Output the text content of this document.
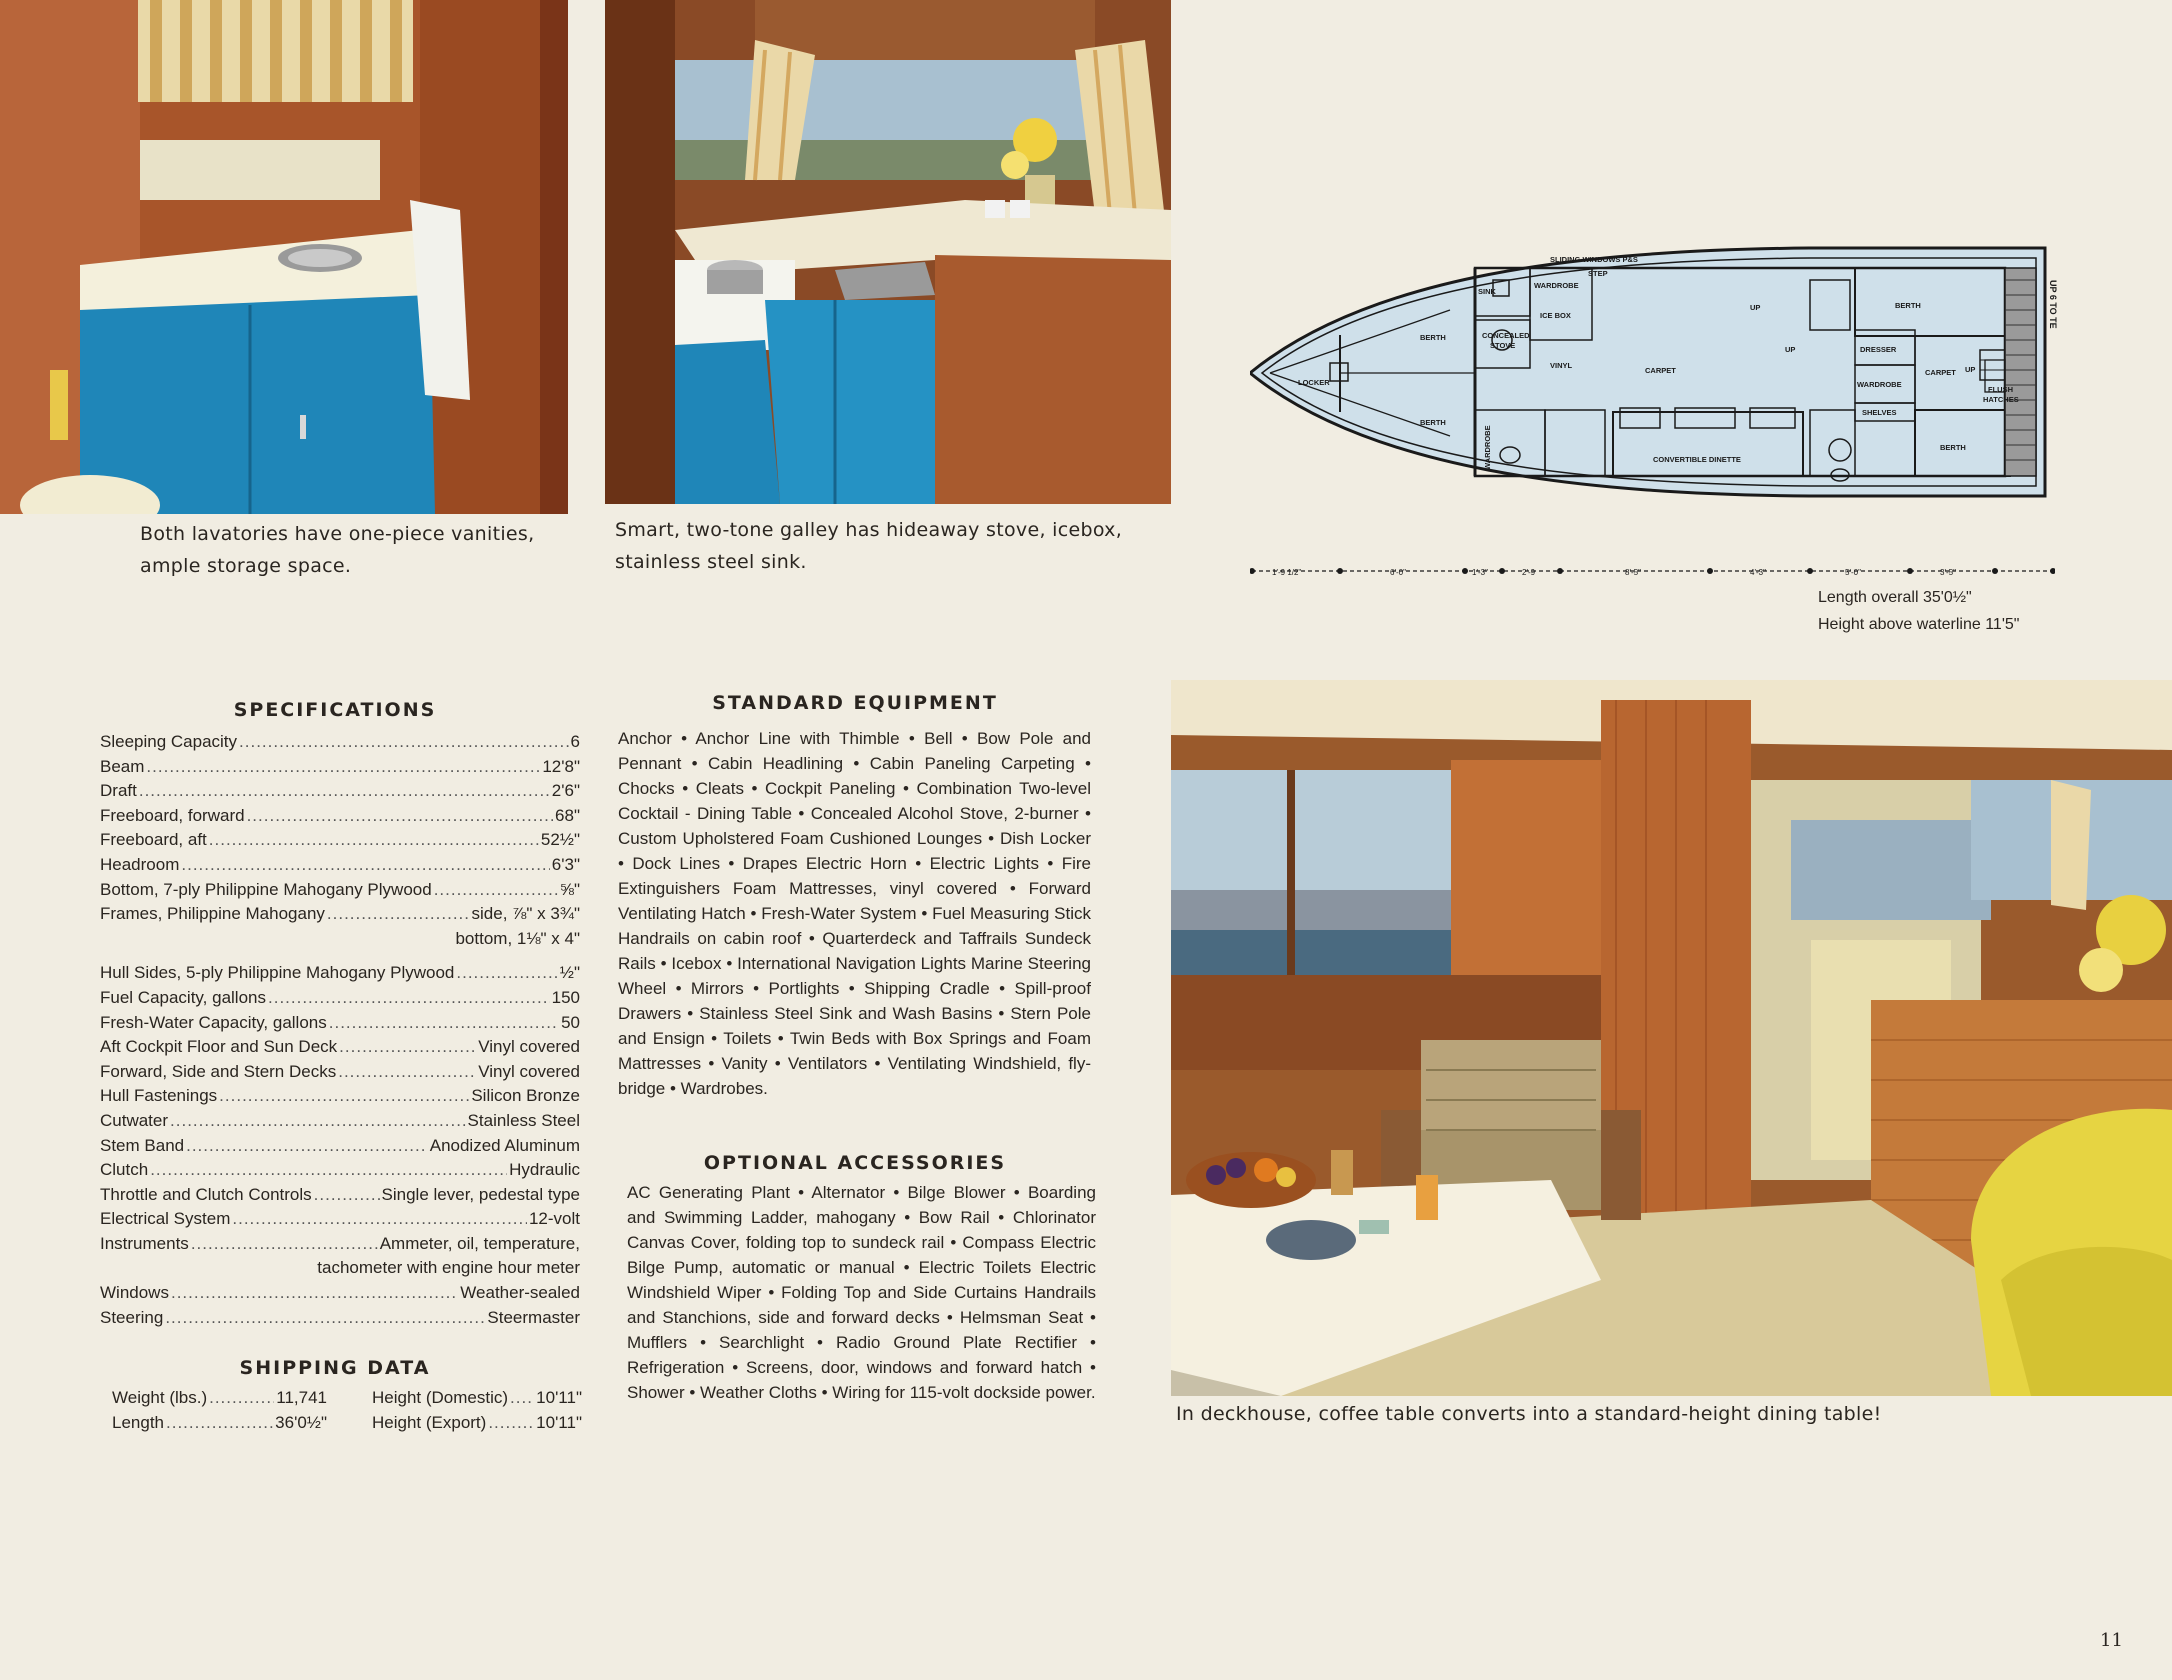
Both lavatories have one-piece vanities,
ample storage space.
Smart, two-tone galley has hideaway stove, icebox,
stainless steel sink.
SLIDING WINDOWS P&S
STEP
SINK
WARDROBE
ICE BOX
CONCEALED
STOVE
BERTH
BERTH
LOCKER
VINYL
CARPET
UP
UP	DRESSER
WARDROBE
SHELVES
CONVERTIBLE DINETTE
BERTH
BERTH
CARPET UP
FLUSH
HATCHES
WARDROBE
UP 6 TO TE
1'-9 1/2"	6'-0"	1'-3"	2'-9	8'-5"	4'-3"	5'-0"	3'-5"
Length overall 35'0½"
Height above waterline 11'5"
SPECIFICATIONS
Sleeping Capacity .....	6
Beam .....	12'8"
Draft .....	2'6"
Freeboard, forward .....	68"
Freeboard, aft .....	52½"
Headroom .....	6'3"
Bottom, 7-ply Philippine Mahogany Plywood .....	⅝"
Frames, Philippine Mahogany .....	side, ⅞" x 3¾"
bottom, 1⅛" x 4"
Hull Sides, 5-ply Philippine Mahogany Plywood .....	½"
Fuel Capacity, gallons .....	150
Fresh-Water Capacity, gallons .....	50
Aft Cockpit Floor and Sun Deck .....	Vinyl covered
Forward, Side and Stern Decks .....	Vinyl covered
Hull Fastenings .....	Silicon Bronze
Cutwater .....	Stainless Steel
Stem Band .....	Anodized Aluminum
Clutch .....	Hydraulic
Throttle and Clutch Controls .....	Single lever, pedestal type
Electrical System .....	12-volt
Instruments .....	Ammeter, oil, temperature,
tachometer with engine hour meter
Windows .....	Weather-sealed
Steering .....	Steermaster
SHIPPING DATA
Weight (lbs.) .....	11,741
Length .....	36'0½"
Height (Domestic) ..... 10'11"
Height (Export) .....	10'11"
STANDARD EQUIPMENT
Anchor • Anchor Line with Thimble • Bell • Bow Pole and Pennant • Cabin Headlining • Cabin Paneling Carpeting • Chocks • Cleats • Cockpit Paneling • Combination Two-level Cocktail - Dining Table • Concealed Alcohol Stove, 2-burner • Custom Upholstered Foam Cushioned Lounges • Dish Locker • Dock Lines • Drapes Electric Horn • Electric Lights • Fire Extinguishers Foam Mattresses, vinyl covered • Forward Ventilating Hatch • Fresh-Water System • Fuel Measuring Stick Handrails on cabin roof • Quarterdeck and Taffrails Sundeck Rails • Icebox • International Navigation Lights Marine Steering Wheel • Mirrors • Portlights • Shipping Cradle • Spill-proof Drawers • Stainless Steel Sink and Wash Basins • Stern Pole and Ensign • Toilets • Twin Beds with Box Springs and Foam Mattresses • Vanity • Ventilators • Ventilating Windshield, fly-bridge • Wardrobes.
OPTIONAL ACCESSORIES
AC Generating Plant • Alternator • Bilge Blower • Boarding and Swimming Ladder, mahogany • Bow Rail • Chlorinator Canvas Cover, folding top to sundeck rail • Compass Electric Bilge Pump, automatic or manual • Electric Toilets Electric Windshield Wiper • Folding Top and Side Curtains Handrails and Stanchions, side and forward decks • Helmsman Seat • Mufflers • Searchlight • Radio Ground Plate Rectifier • Refrigeration • Screens, door, windows and forward hatch • Shower • Weather Cloths • Wiring for 115-volt dockside power.
In deckhouse, coffee table converts into a standard-height dining table!
11
